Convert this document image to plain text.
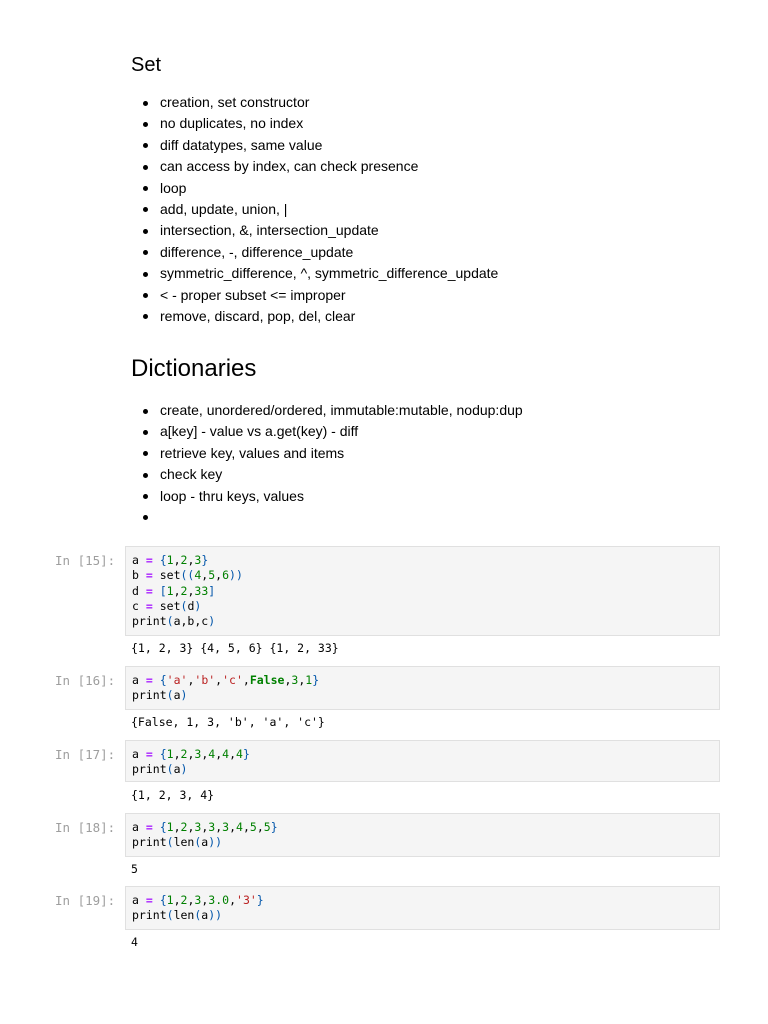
Set
creation, set constructor
no duplicates, no index
diff datatypes, same value
can access by index, can check presence
loop
add, update, union, |
intersection, &, intersection_update
difference, -, difference_update
symmetric_difference, ^, symmetric_difference_update
< - proper subset <= improper
remove, discard, pop, del, clear
Dictionaries
create, unordered/ordered, immutable:mutable, nodup:dup
a[key] - value vs a.get(key) - diff
retrieve key, values and items
check key
loop - thru keys, values
In [15]:	a = {1,2,3}
b = set((4,5,6))
d = [1,2,33]
c = set(d)
print(a,b,c)
{1, 2, 3} {4, 5, 6} {1, 2, 33}
In [16]:	a = {'a','b','c',False,3,1}
print(a)
{False, 1, 3, 'b', 'a', 'c'}
In [17]:	a = {1,2,3,4,4,4}
print(a)
{1, 2, 3, 4}
In [18]:	a = {1,2,3,3,3,4,5,5}
print(len(a))
5
In [19]:	a = {1,2,3,3.0,'3'}
print(len(a))
4
